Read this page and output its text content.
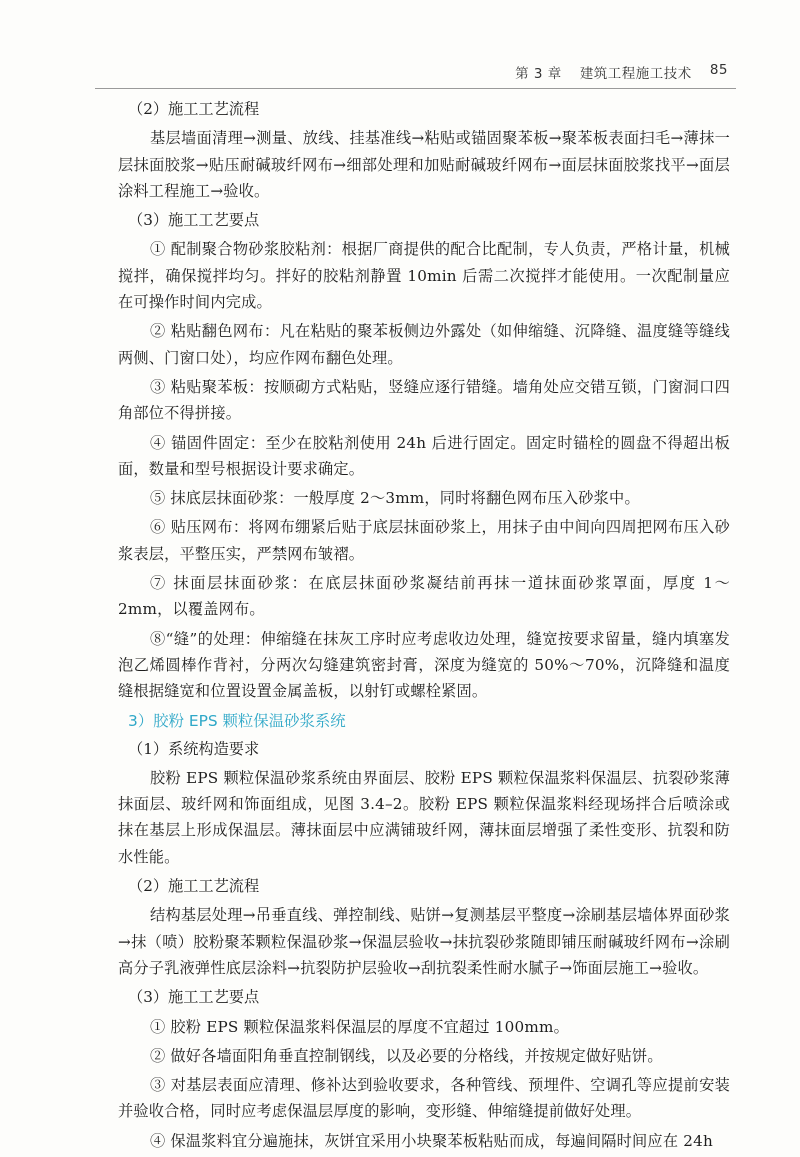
第 3 章 建筑工程施工技术 85

（2）施工工艺流程

基层墙面清理→测量、放线、挂基准线→粘贴或锚固聚苯板→聚苯板表面扫毛→薄抹一层抹面胶浆→贴压耐碱玻纤网布→细部处理和加贴耐碱玻纤网布→面层抹面胶浆找平→面层涂料工程施工→验收。

（3）施工工艺要点

① 配制聚合物砂浆胶粘剂：根据厂商提供的配合比配制，专人负责，严格计量，机械搅拌，确保搅拌均匀。拌好的胶粘剂静置 10min 后需二次搅拌才能使用。一次配制量应在可操作时间内完成。

② 粘贴翻色网布：凡在粘贴的聚苯板侧边外露处（如伸缩缝、沉降缝、温度缝等缝线两侧、门窗口处），均应作网布翻色处理。

③ 粘贴聚苯板：按顺砌方式粘贴，竖缝应逐行错缝。墙角处应交错互锁，门窗洞口四角部位不得拼接。

④ 锚固件固定：至少在胶粘剂使用 24h 后进行固定。固定时锚栓的圆盘不得超出板面，数量和型号根据设计要求确定。

⑤ 抹底层抹面砂浆：一般厚度 2～3mm，同时将翻色网布压入砂浆中。

⑥ 贴压网布：将网布绷紧后贴于底层抹面砂浆上，用抹子由中间向四周把网布压入砂浆表层，平整压实，严禁网布皱褶。

⑦ 抹面层抹面砂浆：在底层抹面砂浆凝结前再抹一道抹面砂浆罩面，厚度 1～2mm，以覆盖网布。

⑧“缝”的处理：伸缩缝在抹灰工序时应考虑收边处理，缝宽按要求留量，缝内填塞发泡乙烯圆棒作背衬，分两次勾缝建筑密封膏，深度为缝宽的 50%～70%，沉降缝和温度缝根据缝宽和位置设置金属盖板，以射钉或螺栓紧固。

3）胶粉 EPS 颗粒保温砂浆系统

（1）系统构造要求

胶粉 EPS 颗粒保温砂浆系统由界面层、胶粉 EPS 颗粒保温浆料保温层、抗裂砂浆薄抹面层、玻纤网和饰面组成，见图 3.4–2。胶粉 EPS 颗粒保温浆料经现场拌合后喷涂或抹在基层上形成保温层。薄抹面层中应满铺玻纤网，薄抹面层增强了柔性变形、抗裂和防水性能。

（2）施工工艺流程

结构基层处理→吊垂直线、弹控制线、贴饼→复测基层平整度→涂刷基层墙体界面砂浆→抹（喷）胶粉聚苯颗粒保温砂浆→保温层验收→抹抗裂砂浆随即铺压耐碱玻纤网布→涂刷高分子乳液弹性底层涂料→抗裂防护层验收→刮抗裂柔性耐水腻子→饰面层施工→验收。

（3）施工工艺要点

① 胶粉 EPS 颗粒保温浆料保温层的厚度不宜超过 100mm。

② 做好各墙面阳角垂直控制钢线，以及必要的分格线，并按规定做好贴饼。

③ 对基层表面应清理、修补达到验收要求，各种管线、预埋件、空调孔等应提前安装并验收合格，同时应考虑保温层厚度的影响，变形缝、伸缩缝提前做好处理。

④ 保温浆料宜分遍施抹，灰饼宜采用小块聚苯板粘贴而成，每遍间隔时间应在 24h
